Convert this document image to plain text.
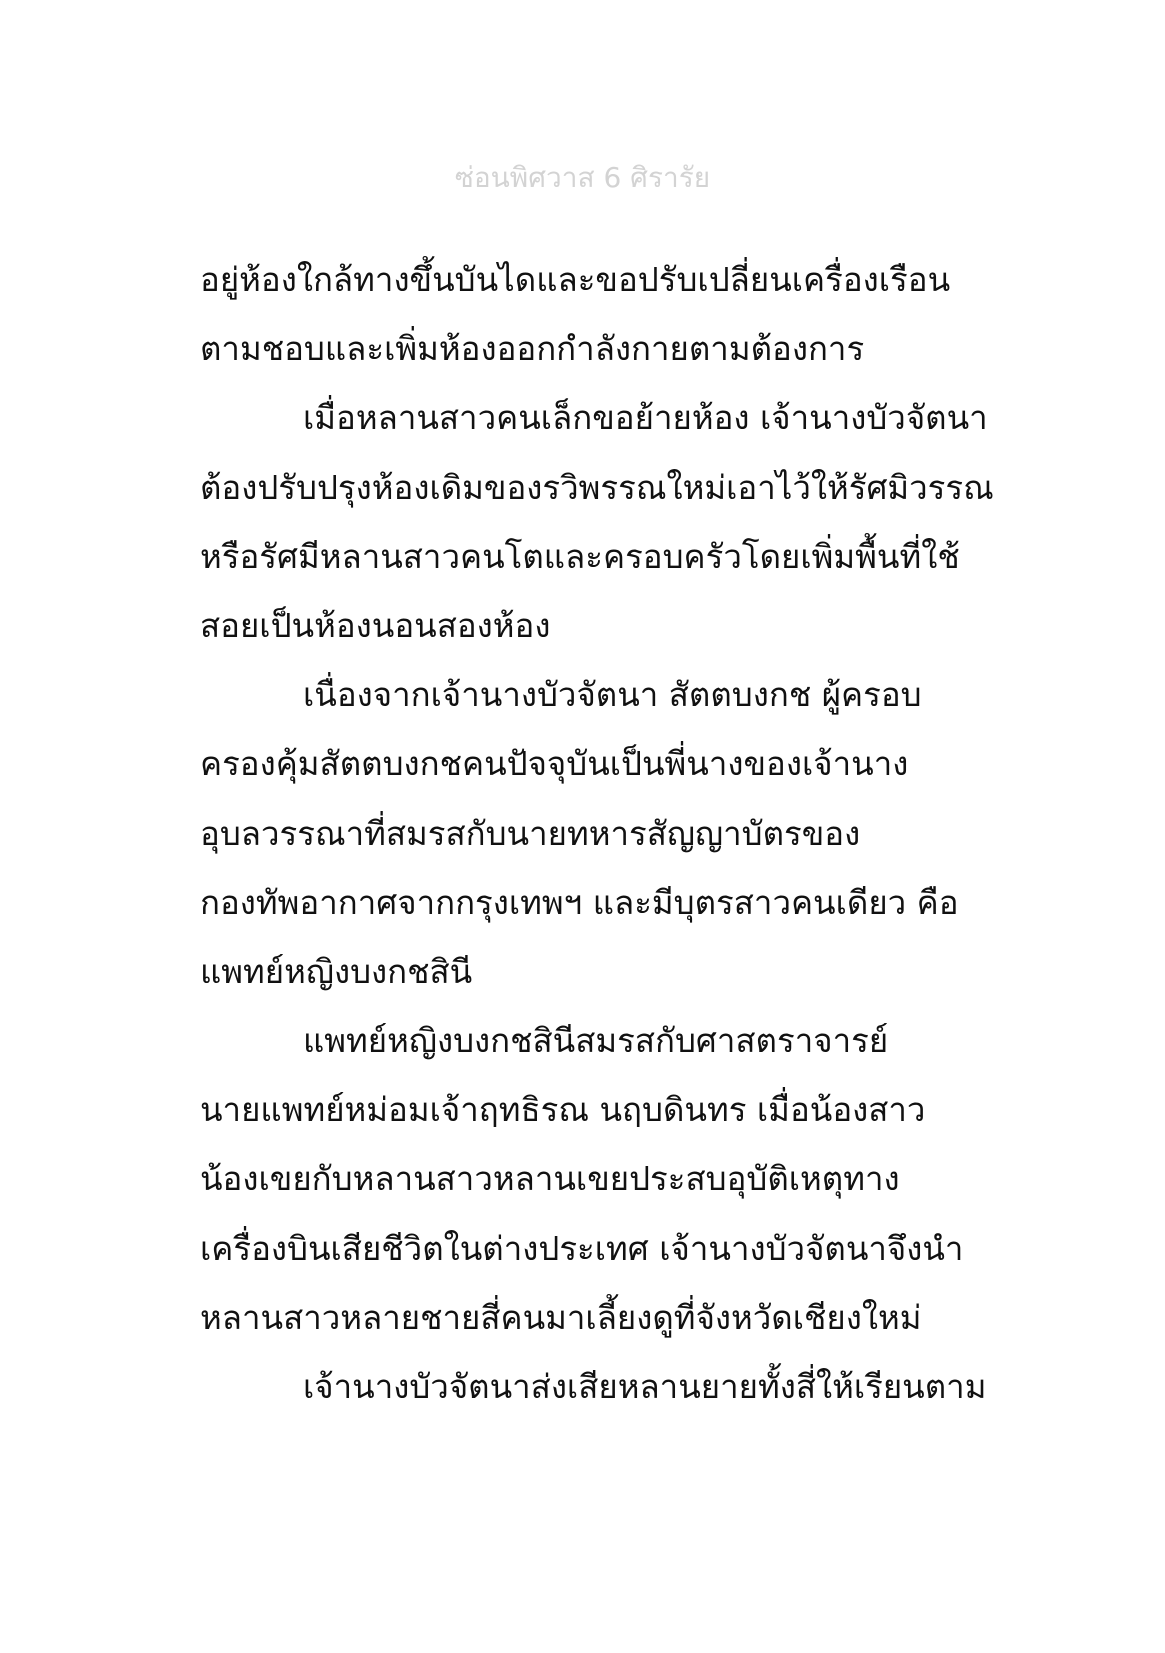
ซ่อนพิศวาส 6 ศิรารัย
อยู่ห้องใกล้ทางขึ้นบันไดและขอปรับเปลี่ยนเครื่องเรือน
ตามชอบและเพิ่มห้องออกกำลังกายตามต้องการ
เมื่อหลานสาวคนเล็กขอย้ายห้อง เจ้านางบัวจัตนา
ต้องปรับปรุงห้องเดิมของรวิพรรณใหม่เอาไว้ให้รัศมิวรรณ
หรือรัศมีหลานสาวคนโตและครอบครัวโดยเพิ่มพื้นที่ใช้
สอยเป็นห้องนอนสองห้อง
เนื่องจากเจ้านางบัวจัตนา สัตตบงกช ผู้ครอบ
ครองคุ้มสัตตบงกชคนปัจจุบันเป็นพี่นางของเจ้านาง
อุบลวรรณาที่สมรสกับนายทหารสัญญาบัตรของ
กองทัพอากาศจากกรุงเทพฯ และมีบุตรสาวคนเดียว คือ
แพทย์หญิงบงกชสินี
แพทย์หญิงบงกชสินีสมรสกับศาสตราจารย์
นายแพทย์หม่อมเจ้าฤทธิรณ นฤบดินทร เมื่อน้องสาว
น้องเขยกับหลานสาวหลานเขยประสบอุบัติเหตุทาง
เครื่องบินเสียชีวิตในต่างประเทศ เจ้านางบัวจัตนาจึงนำ
หลานสาวหลายชายสี่คนมาเลี้ยงดูที่จังหวัดเชียงใหม่
เจ้านางบัวจัตนาส่งเสียหลานยายทั้งสี่ให้เรียนตาม
